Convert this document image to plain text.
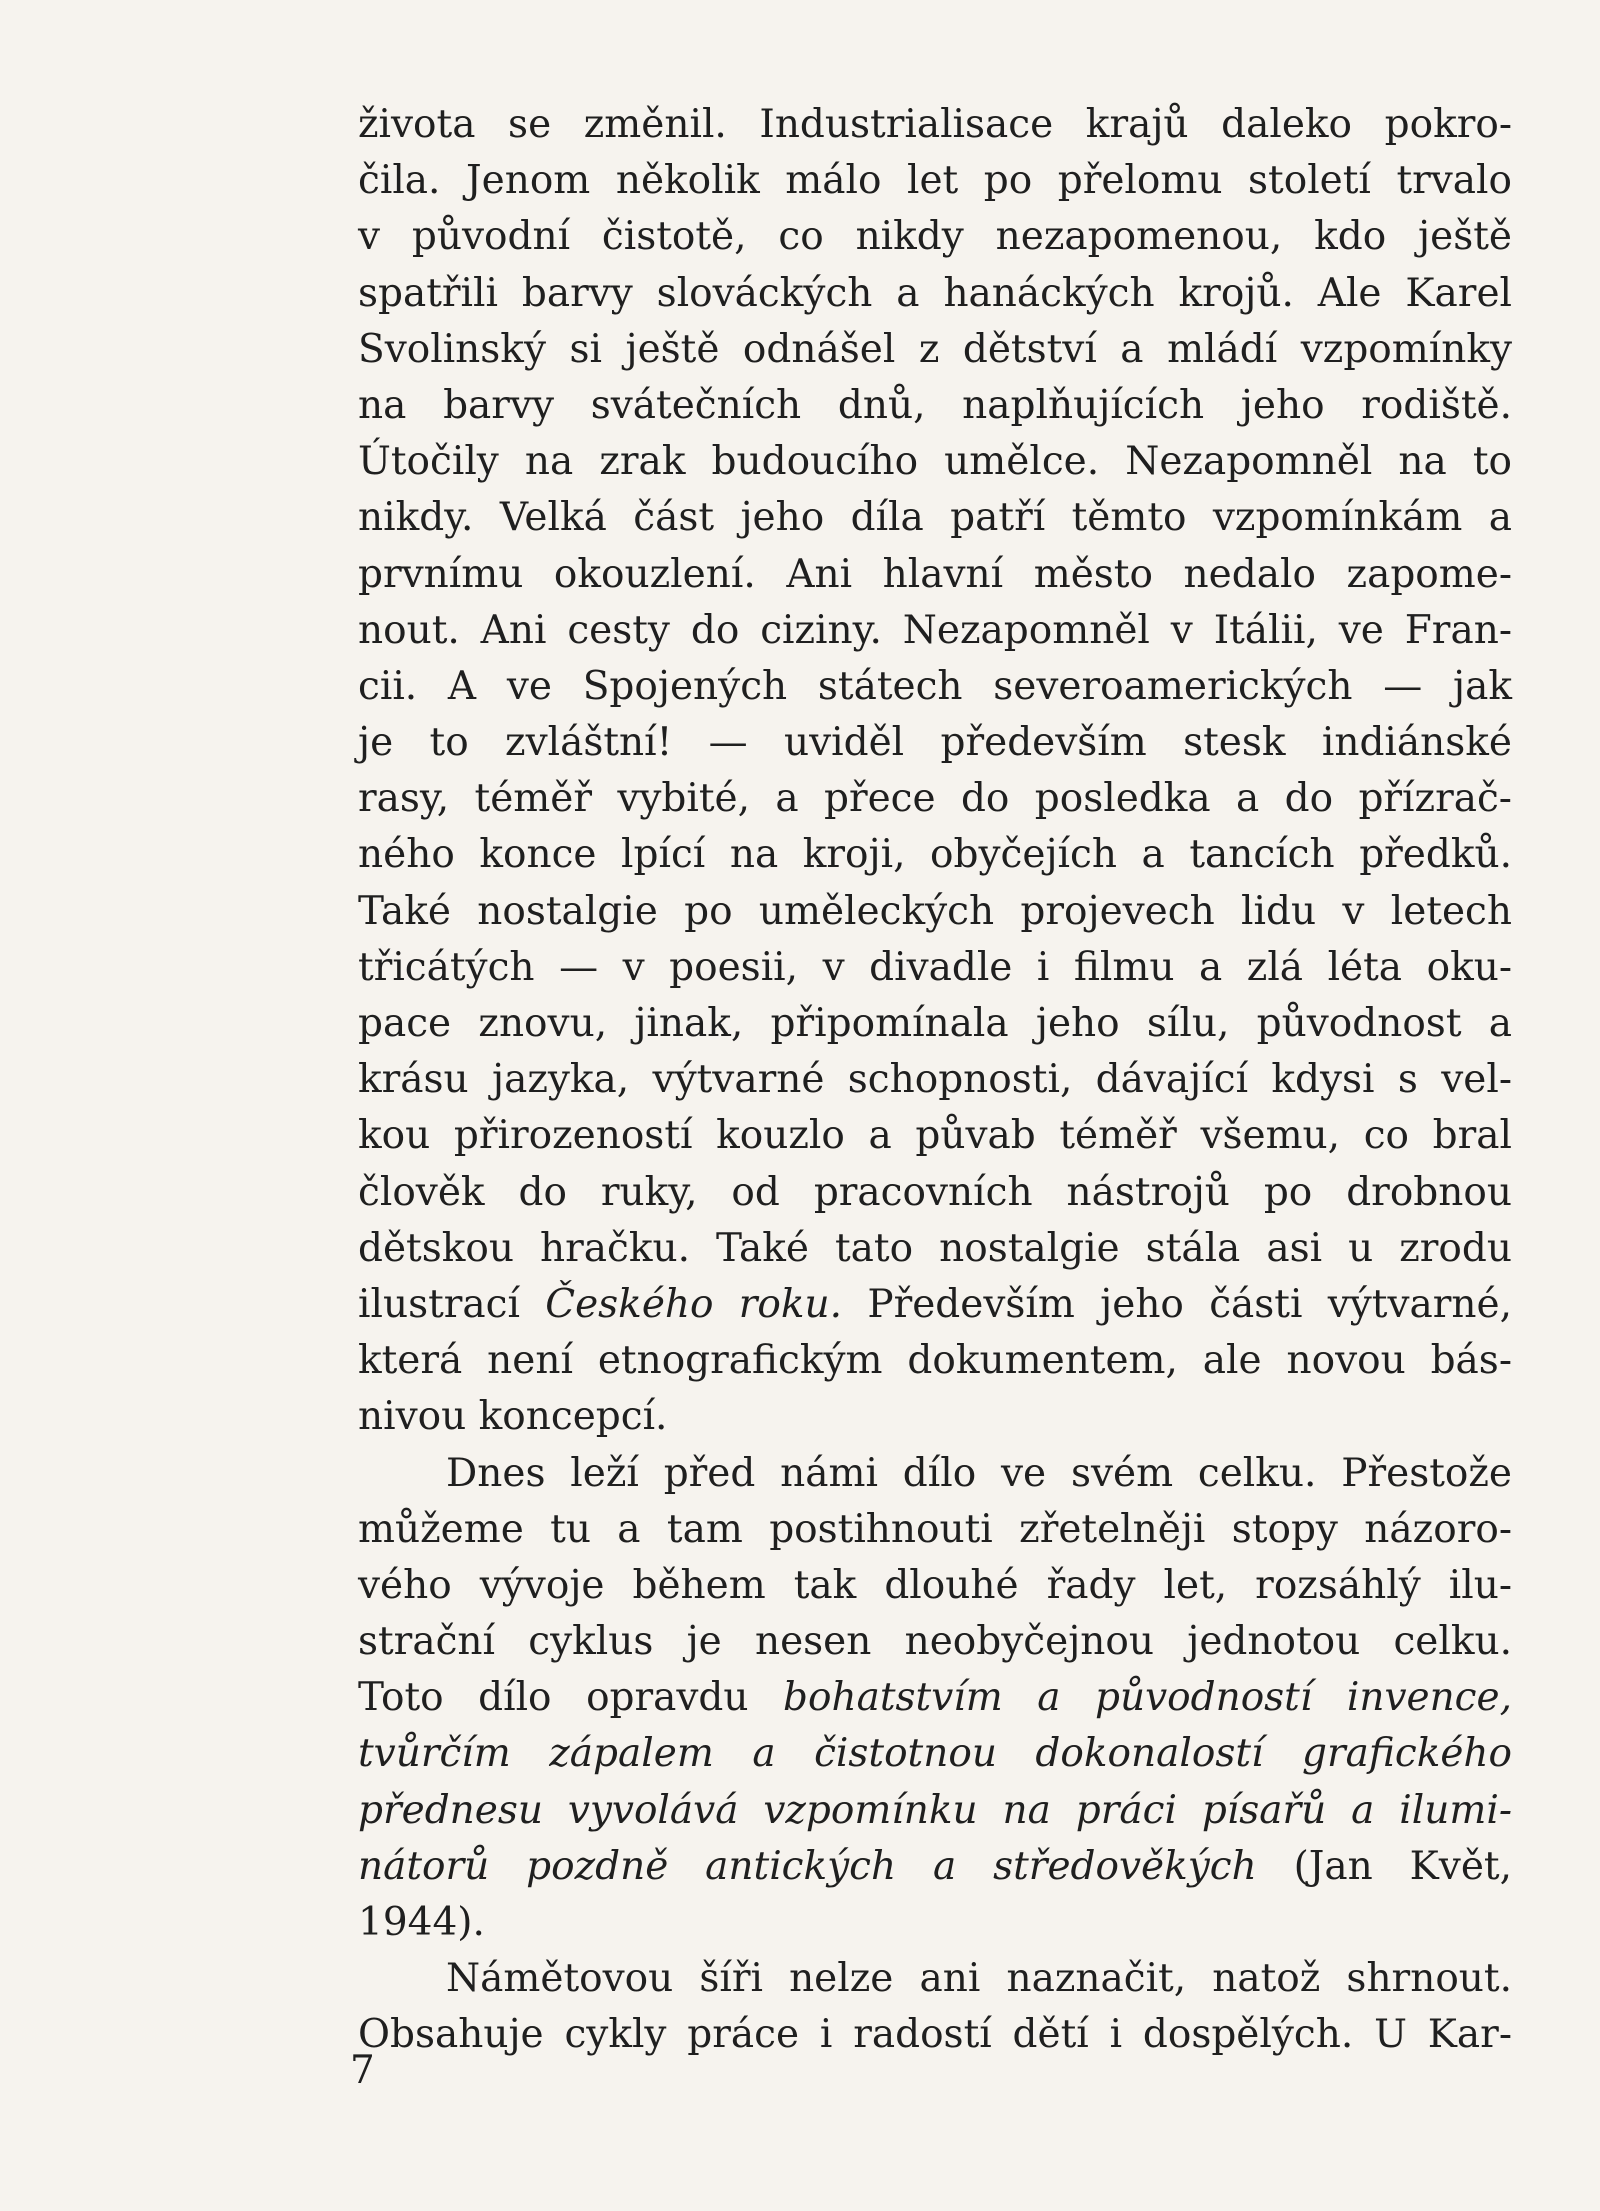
života se změnil. Industrialisace krajů daleko pokro-
čila. Jenom několik málo let po přelomu století trvalo
v původní čistotě, co nikdy nezapomenou, kdo ještě
spatřili barvy slováckých a hanáckých krojů. Ale Karel
Svolinský si ještě odnášel z dětství a mládí vzpomínky
na barvy svátečních dnů, naplňujících jeho rodiště.
Útočily na zrak budoucího umělce. Nezapomněl na to
nikdy. Velká část jeho díla patří těmto vzpomínkám a
prvnímu okouzlení. Ani hlavní město nedalo zapome-
nout. Ani cesty do ciziny. Nezapomněl v Itálii, ve Fran-
cii. A ve Spojených státech severoamerických — jak
je to zvláštní! — uviděl především stesk indiánské
rasy, téměř vybité, a přece do posledka a do přízrač-
ného konce lpící na kroji, obyčejích a tancích předků.
Také nostalgie po uměleckých projevech lidu v letech
třicátých — v poesii, v divadle i filmu a zlá léta oku-
pace znovu, jinak, připomínala jeho sílu, původnost a
krásu jazyka, výtvarné schopnosti, dávající kdysi s vel-
kou přirozeností kouzlo a půvab téměř všemu, co bral
člověk do ruky, od pracovních nástrojů po drobnou
dětskou hračku. Také tato nostalgie stála asi u zrodu
ilustrací Českého roku. Především jeho části výtvarné,
která není etnografickým dokumentem, ale novou bás-
nivou koncepcí.
Dnes leží před námi dílo ve svém celku. Přestože
můžeme tu a tam postihnouti zřetelněji stopy názoro-
vého vývoje během tak dlouhé řady let, rozsáhlý ilu-
strační cyklus je nesen neobyčejnou jednotou celku.
Toto dílo opravdu bohatstvím a původností invence,
tvůrčím zápalem a čistotnou dokonalostí grafického
přednesu vyvolává vzpomínku na práci písařů a ilumi-
nátorů pozdně antických a středověkých (Jan Květ,
1944).
Námětovou šíři nelze ani naznačit, natož shrnout.
Obsahuje cykly práce i radostí dětí i dospělých. U Kar-
7
